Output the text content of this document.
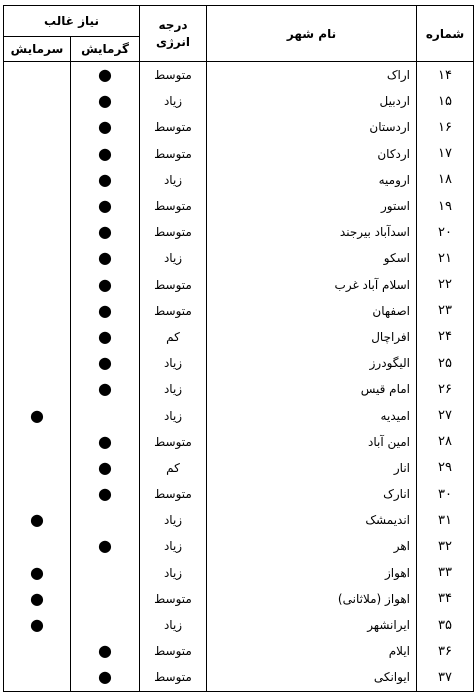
شماره	نام شهر	درجه انرژی	نیاز غالب	
			گرمایش	سرمایش
۱۴	اراک	متوسط	●	
۱۵	اردبیل	زیاد	●	
۱۶	اردستان	متوسط	●	
۱۷	اردکان	متوسط	●	
۱۸	ارومیه	زیاد	●	
۱۹	استور	متوسط	●	
۲۰	اسدآباد بیرجند	متوسط	●	
۲۱	اسکو	زیاد	●	
۲۲	اسلام آباد غرب	متوسط	●	
۲۳	اصفهان	متوسط	●	
۲۴	افراچال	کم	●	
۲۵	الیگودرز	زیاد	●	
۲۶	امام قیس	زیاد	●	
۲۷	امیدیه	زیاد		●
۲۸	امین آباد	متوسط	●	
۲۹	انار	کم	●	
۳۰	انارک	متوسط	●	
۳۱	اندیمشک	زیاد		●
۳۲	اهر	زیاد	●	
۳۳	اهواز	زیاد		●
۳۴	اهواز (ملاثانی)	متوسط		●
۳۵	ایرانشهر	زیاد		●
۳۶	ایلام	متوسط	●	
۳۷	ایوانکی	متوسط	●	
